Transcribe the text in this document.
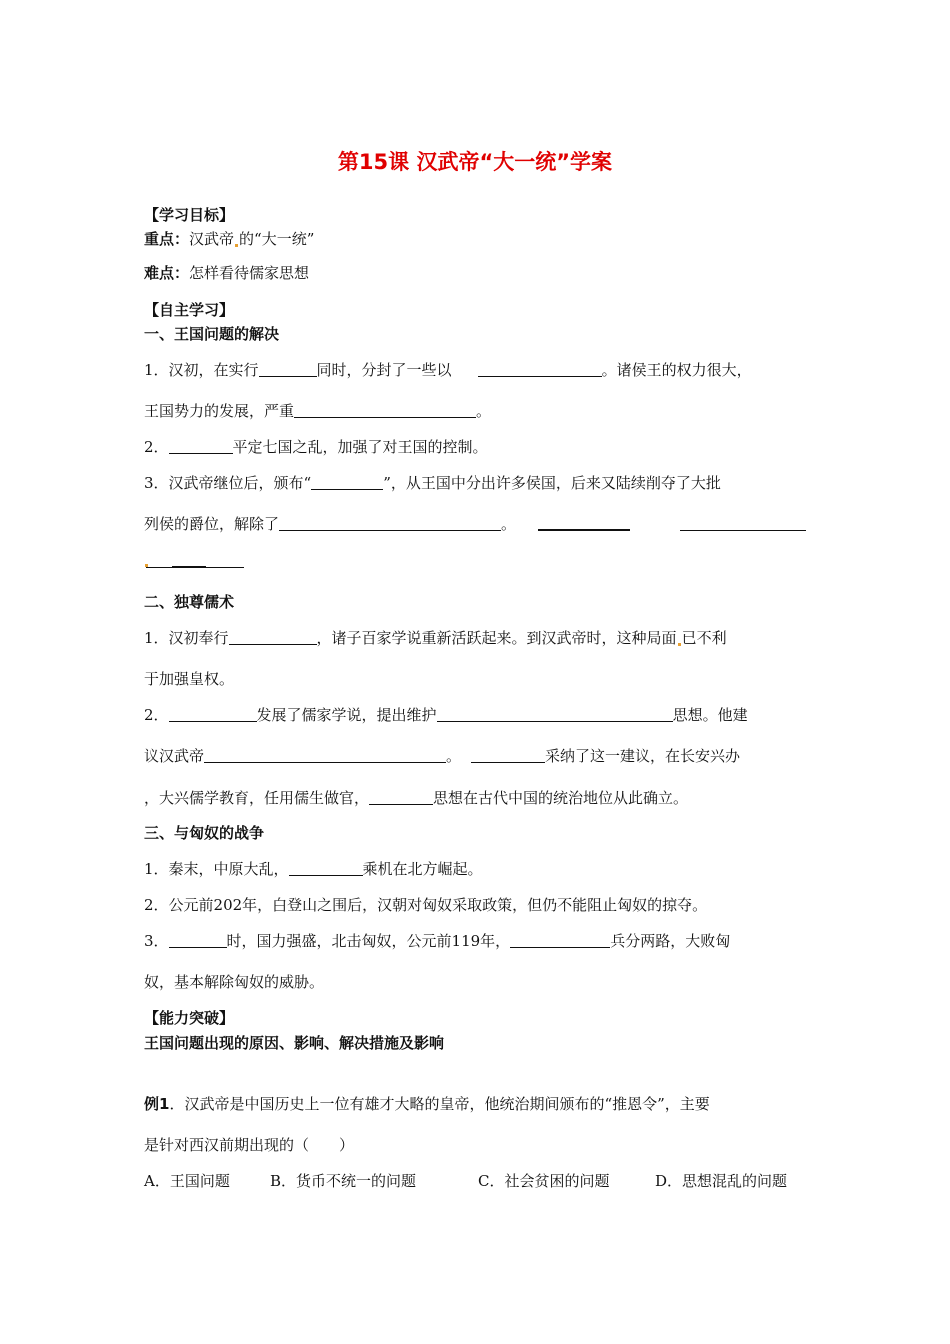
第15课 汉武帝“大一统”学案
【学习目标】
重点：汉武帝 的“大一统”
难点：怎样看待儒家思想
【自主学习】
一、王国问题的解决
1．汉初，在实行	同时，分封了一些以	。诸侯王的权力很大，
王国势力的发展，严重	。
2．	平定七国之乱，加强了对王国的控制。
3．汉武帝继位后，颁布“	”，从王国中分出许多侯国，后来又陆续削夺了大批
列侯的爵位，解除了	。
二、独尊儒术
1．汉初奉行	，诸子百家学说重新活跃起来。到汉武帝时，这种局面 已不利
于加强皇权。
2．	发展了儒家学说，提出维护	思想。他建
议汉武帝	。	采纳了这一建议，在长安兴办
，大兴儒学教育，任用儒生做官，	思想在古代中国的统治地位从此确立。
三、与匈奴的战争
1．秦末，中原大乱，	乘机在北方崛起。
2．公元前202年，白登山之围后，汉朝对匈奴采取政策，但仍不能阻止匈奴的掠夺。
3．	时，国力强盛，北击匈奴，公元前119年，	兵分两路，大败匈
奴，基本解除匈奴的威胁。
【能力突破】
王国问题出现的原因、影响、解决措施及影响
例1．汉武帝是中国历史上一位有雄才大略的皇帝，他统治期间颁布的“推恩令”，主要
是针对西汉前期出现的（　　）
A．王国问题	B．货币不统一的问题	C．社会贫困的问题	D．思想混乱的问题
